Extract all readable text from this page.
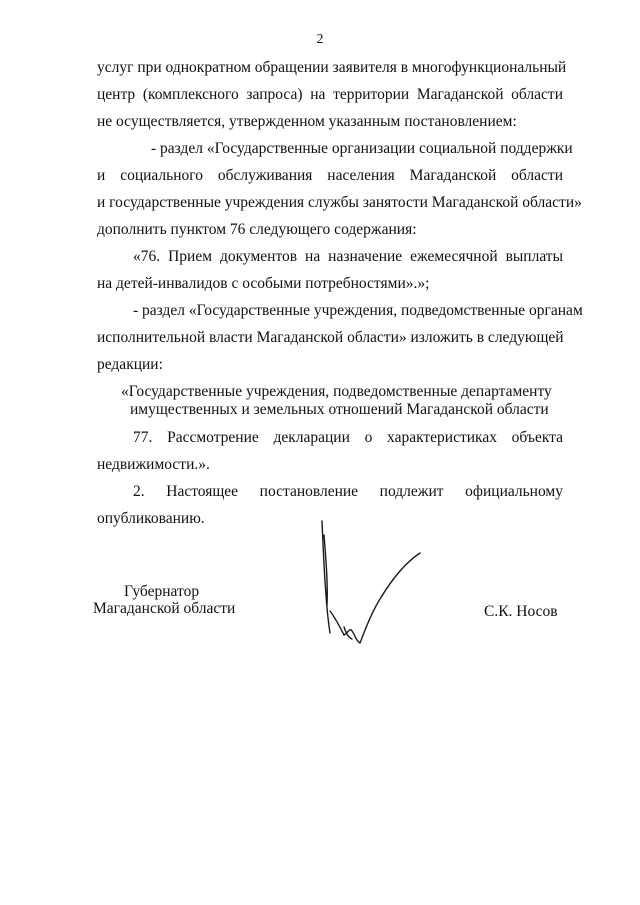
2
услуг при однократном обращении заявителя в многофункциональный
центр (комплексного запроса) на территории Магаданской области
не осуществляется, утвержденном указанным постановлением:
- раздел «Государственные организации социальной поддержки
и социального обслуживания населения Магаданской области
и государственные учреждения службы занятости Магаданской области»
дополнить пунктом 76 следующего содержания:
«76. Прием документов на назначение ежемесячной выплаты
на детей-инвалидов с особыми потребностями».»;
- раздел «Государственные учреждения, подведомственные органам
исполнительной власти Магаданской области» изложить в следующей
редакции:
«Государственные учреждения, подведомственные департаменту
имущественных и земельных отношений Магаданской области
77. Рассмотрение декларации о характеристиках объекта
недвижимости.».
2. Настоящее постановление подлежит официальному
опубликованию.
Губернатор
Магаданской области	С.К. Носов
